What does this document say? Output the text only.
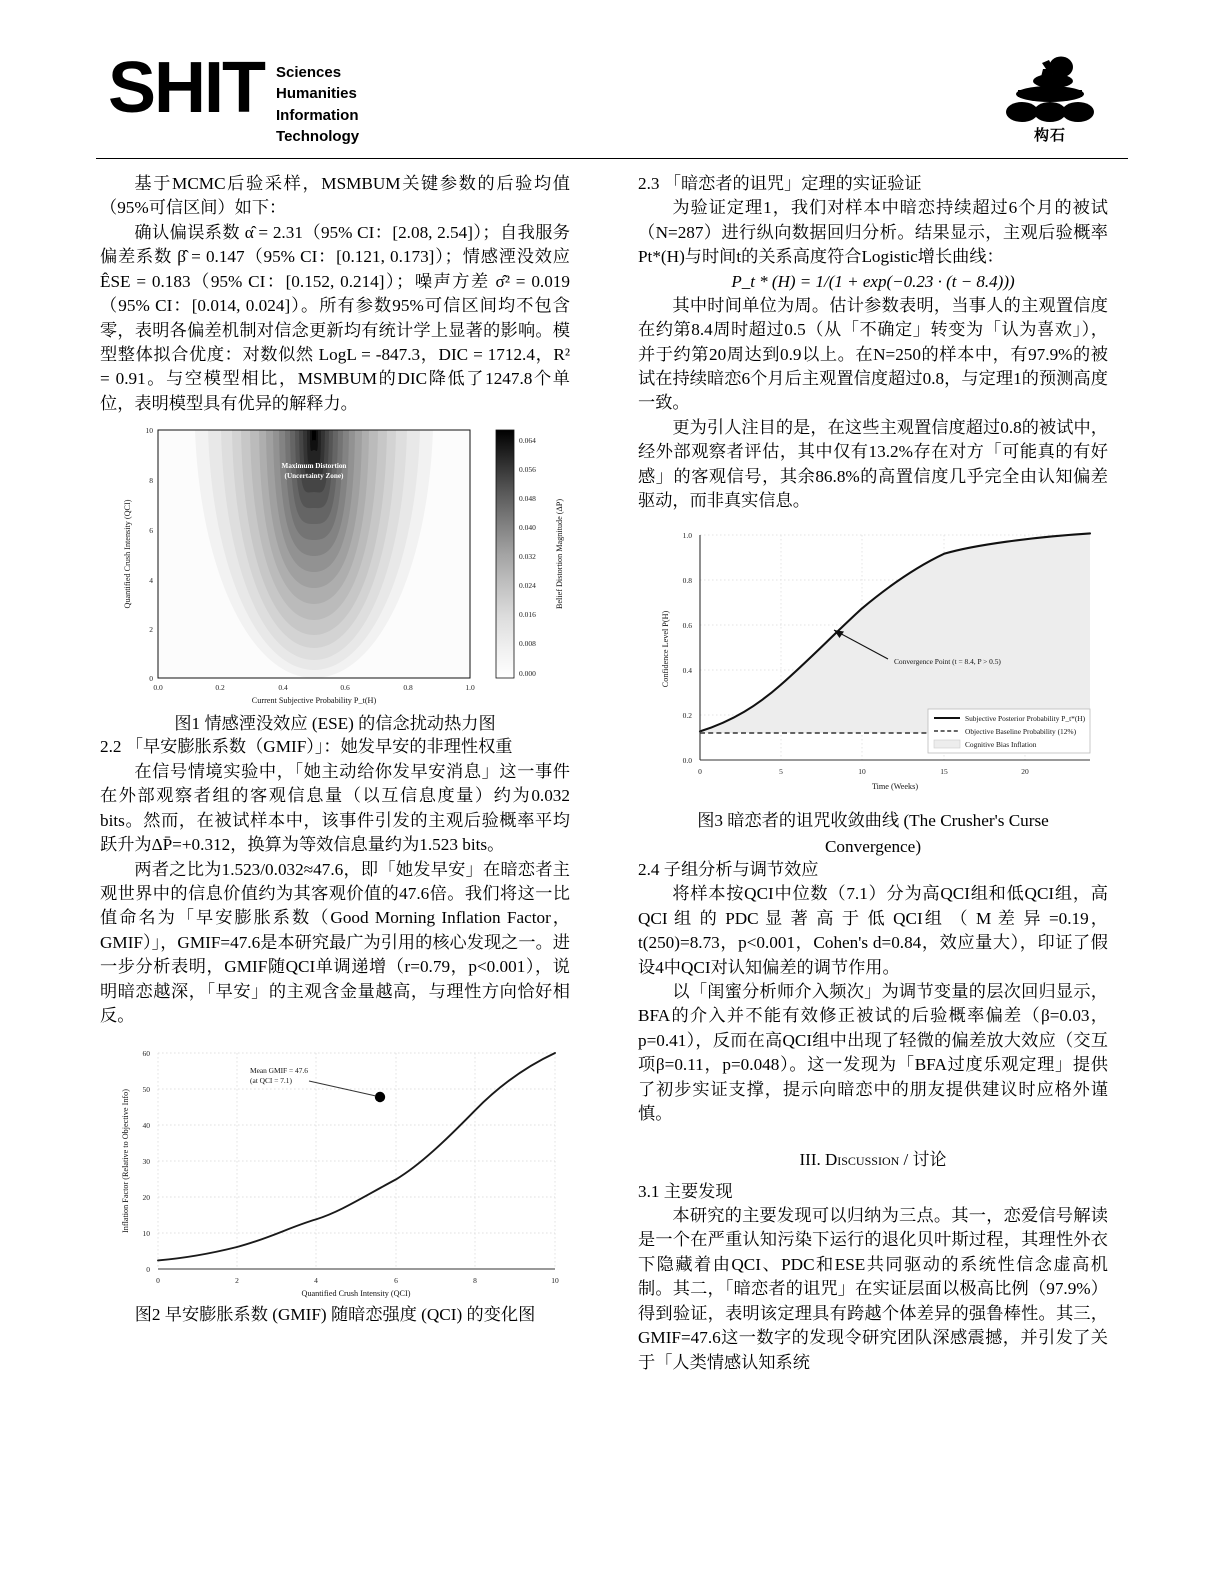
SHIT Sciences
Humanities
Information
Technology	构石

基于MCMC后验采样，MSMBUM关键参数的后验均值（95%可信区间）如下：

确认偏误系数 α̂ = 2.31（95% CI：[2.08, 2.54]）；自我服务偏差系数 β̂ = 0.147（95% CI：[0.121, 0.173]）；情感湮没效应 ÊSE = 0.183（95% CI：[0.152, 0.214]）；噪声方差 σ̂² = 0.019（95% CI：[0.014, 0.024]）。所有参数95%可信区间均不包含零，表明各偏差机制对信念更新均有统计学上显著的影响。模型整体拟合优度：对数似然 LogL = -847.3，DIC = 1712.4，R² = 0.91。与空模型相比，MSMBUM的DIC降低了1247.8个单位，表明模型具有优异的解释力。

Maximum Distortion
(Uncertainty Zone)
10
8
6
4
2
0
Quantified Crush Intensity (QCI)
0.0	0.2	0.4	0.6	0.8	1.0
Current Subjective Probability P_t(H)
0.064
0.056
0.048
0.040
0.032
0.024
0.016
0.008
0.000
Belief Distortion Magnitude (ΔP)

图1 情感湮没效应 (ESE) 的信念扰动热力图

2.2 「早安膨胀系数（GMIF）」：她发早安的非理性权重

在信号情境实验中，「她主动给你发早安消息」这一事件在外部观察者组的客观信息量（以互信息度量）约为0.032 bits。然而，在被试样本中，该事件引发的主观后验概率平均跃升为ΔP̄=+0.312，换算为等效信息量约为1.523 bits。

两者之比为1.523/0.032≈47.6，即「她发早安」在暗恋者主观世界中的信息价值约为其客观价值的47.6倍。我们将这一比值命名为「早安膨胀系数（Good Morning Inflation Factor，GMIF）」，GMIF=47.6是本研究最广为引用的核心发现之一。进一步分析表明，GMIF随QCI单调递增（r=0.79，p<0.001），说明暗恋越深，「早安」的主观含金量越高，与理性方向恰好相反。

Mean GMIF = 47.6
(at QCI = 7.1)
60
50
40
30
20
10
0
Inflation Factor (Relative to Objective Info)
0	2	4	6	8	10
Quantified Crush Intensity (QCI)

图2 早安膨胀系数 (GMIF) 随暗恋强度 (QCI) 的变化图

2.3 「暗恋者的诅咒」定理的实证验证

为验证定理1，我们对样本中暗恋持续超过6个月的被试（N=287）进行纵向数据回归分析。结果显示，主观后验概率Pt*(H)与时间t的关系高度符合Logistic增长曲线：

P_t * (H) = 1/(1 + exp(−0.23 · (t − 8.4)))

其中时间单位为周。估计参数表明，当事人的主观置信度在约第8.4周时超过0.5（从「不确定」转变为「认为喜欢」），并于约第20周达到0.9以上。在N=250的样本中，有97.9%的被试在持续暗恋6个月后主观置信度超过0.8，与定理1的预测高度一致。

更为引人注目的是，在这些主观置信度超过0.8的被试中，经外部观察者评估，其中仅有13.2%存在对方「可能真的有好感」的客观信号，其余86.8%的高置信度几乎完全由认知偏差驱动，而非真实信息。

Convergence Point (t = 8.4, P > 0.5)
Subjective Posterior Probability P_t*(H)
Objective Baseline Probability (12%)
Cognitive Bias Inflation
1.0
0.8
0.6
0.4
0.2
0.0
Confidence Level P(H)
0	5	10	15	20
Time (Weeks)

图3 暗恋者的诅咒收敛曲线 (The Crusher's Curse

Convergence)

2.4 子组分析与调节效应

将样本按QCI中位数（7.1）分为高QCI组和低QCI组，高 QCI 组 的 PDC 显 著 高 于 低 QCI组 （ M 差 异 =0.19，t(250)=8.73，p<0.001，Cohen's d=0.84，效应量大），印证了假设4中QCI对认知偏差的调节作用。

以「闺蜜分析师介入频次」为调节变量的层次回归显示，BFA的介入并不能有效修正被试的后验概率偏差（β=0.03，p=0.41），反而在高QCI组中出现了轻微的偏差放大效应（交互项β=0.11，p=0.048）。这一发现为「BFA过度乐观定理」提供了初步实证支撑，提示向暗恋中的朋友提供建议时应格外谨慎。

III. Discussion / 讨论
3.1 主要发现

本研究的主要发现可以归纳为三点。其一，恋爱信号解读是一个在严重认知污染下运行的退化贝叶斯过程，其理性外衣下隐藏着由QCI、PDC和ESE共同驱动的系统性信念虚高机制。其二，「暗恋者的诅咒」在实证层面以极高比例（97.9%）得到验证，表明该定理具有跨越个体差异的强鲁棒性。其三，GMIF=47.6这一数字的发现令研究团队深感震撼，并引发了关于「人类情感认知系统
